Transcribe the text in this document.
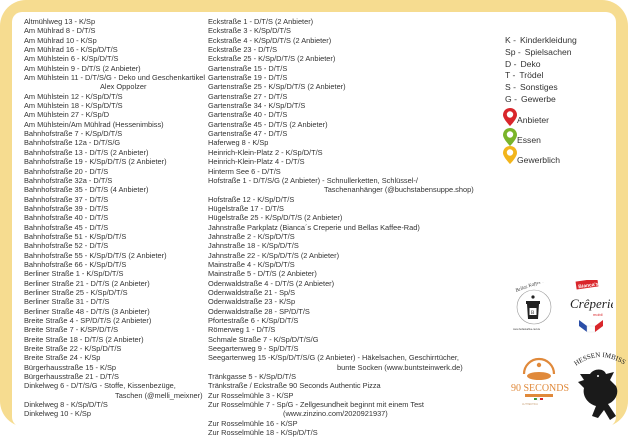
Altmühlweg 13 - K/Sp
Am Mühlrad 8 - D/T/S
Am Mühlrad 10 - K/Sp
Am Mühlrad 16 - K/Sp/D/T/S
Am Mühlstein 6 - K/Sp/D/T/S
Am Mühlstein 9 - D/T/S (2 Anbieter)
Am Mühlstein 11 - D/T/S/G - Deko und Geschenkartikel
Alex Oppolzer
Am Mühlstein 12 - K/Sp/D/T/S
Am Mühlstein 18 - K/Sp/D/T/S
Am Mühlstein 27 - K/Sp/D
Am Mühlstein/Am Mühlrad (Hessenimbiss)
Bahnhofstraße 7 - K/Sp/D/T/S
Bahnhofstraße 12a - D/T/S/G
Bahnhofstraße 13 - D/T/S (2 Anbieter)
Bahnhofstraße 19 - K/Sp/D/T/S (2 Anbieter)
Bahnhofstraße 20 - D/T/S
Bahnhofstraße 32a - D/T/S
Bahnhofstraße 35 - D/T/S (4 Anbieter)
Bahnhofstraße 37 - D/T/S
Bahnhofstraße 39 - D/T/S
Bahnhofstraße 40 - D/T/S
Bahnhofstraße 45 - D/T/S
Bahnhofstraße 51 - K/Sp/D/T/S
Bahnhofstraße 52 - D/T/S
Bahnhofstraße 55 - K/Sp/D/T/S (2 Anbieter)
Bahnhofstraße 66 - K/Sp/D/T/S
Berliner Straße 1 - K/Sp/D/T/S
Berliner Straße 21 - D/T/S (2 Anbieter)
Berliner Straße 25 - K/Sp/D/T/S
Berliner Straße 31 - D/T/S
Berliner Straße 48 - D/T/S (3 Anbieter)
Breite Straße 4 - SP/D/T/S (2 Anbieter)
Breite Straße 7 - K/SP/D/T/S
Breite Straße 18 - D/T/S (2 Anbieter)
Breite Straße 22 - K/Sp/D/T/S
Breite Straße 24 - K/Sp
Bürgerhausstraße 15 - K/Sp
Bürgerhausstraße 21 - D/T/S
Dinkelweg 6 - D/T/S/G - Stoffe, Kissenbezüge,
Taschen (@melli_meixner)
Dinkelweg 8 - K/Sp/D/T/S
Dinkelweg 10 - K/Sp
Eckstraße 1 - D/T/S (2 Anbieter)
Eckstraße 3 - K/Sp/D/T/S
Eckstraße 4 - K/Sp/D/T/S (2 Anbieter)
Eckstraße 23 - D/T/S
Eckstraße 25 - K/Sp/D/T/S (2 Anbieter)
Gartenstraße 15 - D/T/S
Gartenstraße 19 - D/T/S
Gartenstraße 25 - K/Sp/D/T/S (2 Anbieter)
Gartenstraße 27 - D/T/S
Gartenstraße 34 - K/Sp/D/T/S
Gartenstraße 40 - D/T/S
Gartenstraße 45 - D/T/S (2 Anbieter)
Gartenstraße 47 - D/T/S
Haferweg 8 - K/Sp
Heinrich-Klein-Platz 2 - K/Sp/D/T/S
Heinrich-Klein-Platz 4 - D/T/S
Hinterm See 6 - D/T/S
Hofstraße 1 - D/T/S/G (2 Anbieter) - Schnullerketten, Schlüssel-/
Taschenanhänger (@buchstabensuppe.shop)
Hofstraße 12 - K/Sp/D/T/S
Hügelstraße 17 - D/T/S
Hügelstraße 25 - K/Sp/D/T/S (2 Anbieter)
Jahnstraße Parkplatz (Bianca´s Creperie und Bellas Kaffee-Rad)
Jahnstraße 2 - K/Sp/D/T/S
Jahnstraße 18 - K/Sp/D/T/S
Jahnstraße 22 - K/Sp/D/T/S (2 Anbieter)
Mainstraße 4 - K/Sp/D/T/S
Mainstraße 5 - D/T/S (2 Anbieter)
Odenwaldstraße 4 - D/T/S (2 Anbieter)
Odenwaldstraße 21 - Sp/S
Odenwaldstraße 23 - K/Sp
Odenwaldstraße 28 - SP/D/T/S
Pfortestraße 6 - K/Sp/D/T/S
Römerweg 1 - D/T/S
Schmale Straße 7 - K/Sp/D/T/S/G
Seegartenweg 9 - Sp/D/T/S
Seegartenweg 15 -K/Sp/D/T/S/G (2 Anbieter) - Häkelsachen, Geschirrtücher,
bunte Socken (www.buntsteinwerk.de)
Tränkgasse 5 - K/Sp/D/T/S
Tränkstraße / Eckstraße 90 Seconds Authentic Pizza
Zur Rosselmühle 3 - K/SP
Zur Rosselmühle 7 - Sp/G - Zellgesundheit beginnt mit einem Test
(www.zinzino.com/2020921937)
Zur Rosselmühle 16 - K/SP
Zur Rosselmühle 18 - K/Sp/D/T/S
K - Kinderkleidung
Sp - Spielsachen
D - Deko
T - Trödel
S - Sonstiges
G - Gewerbe
Anbieter
Essen
Gewerblich
Bellas Kaffee-Rad
B
www.bellaskaffee-rad.de
Bianca's
Crêperie
mobil
90 SECONDS
AUTHENTICA
HESSEN IMBISS
